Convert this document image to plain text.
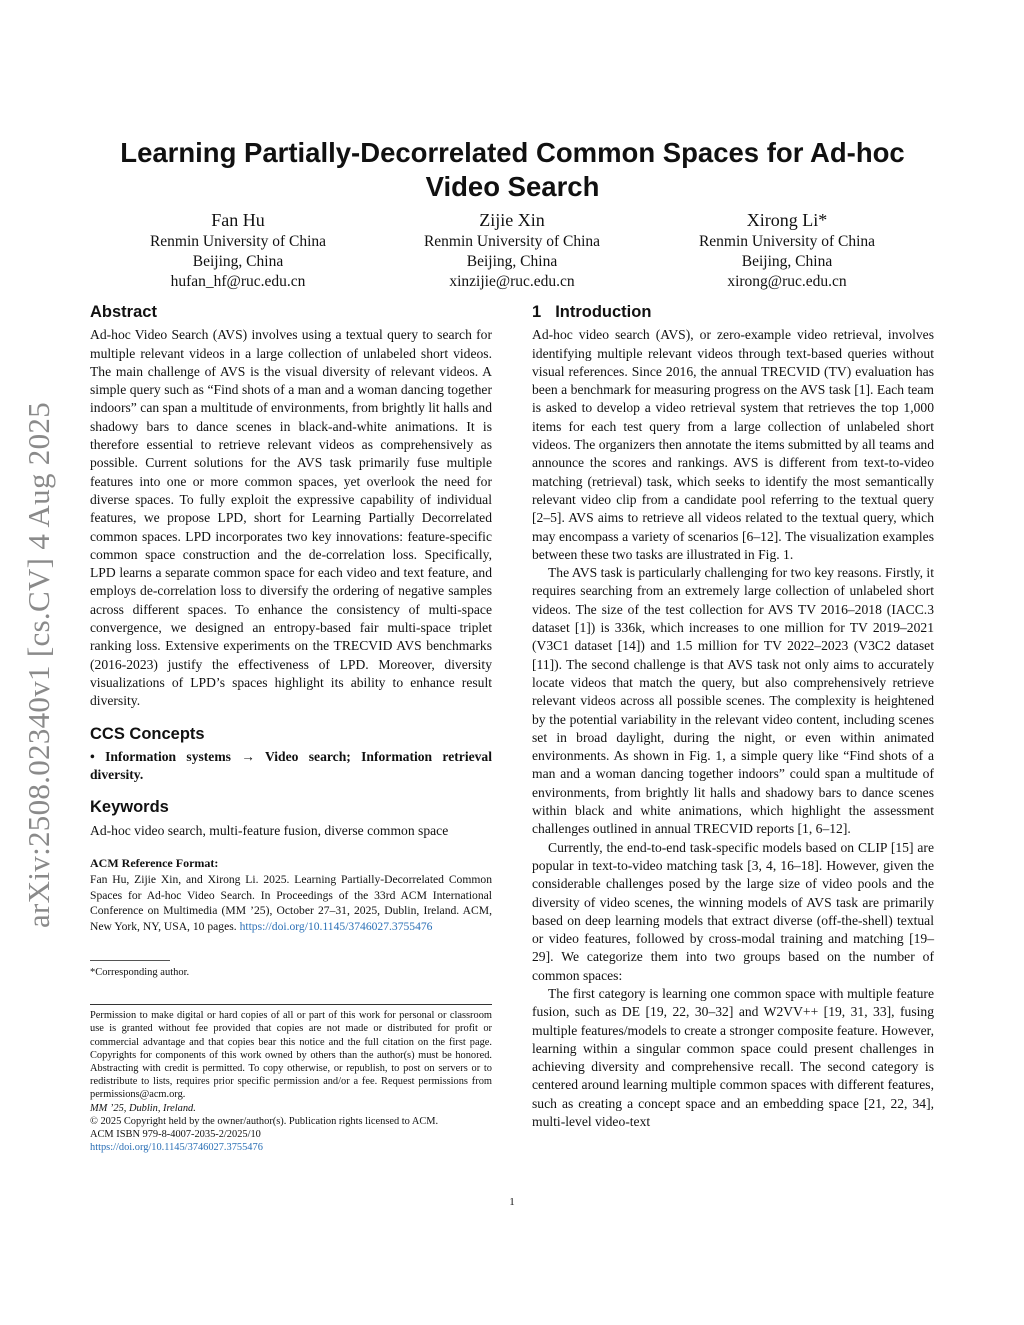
arXiv:2508.02340v1 [cs.CV] 4 Aug 2025
Learning Partially-Decorrelated Common Spaces for Ad-hoc
Video Search
Fan Hu
Renmin University of China
Beijing, China
hufan_hf@ruc.edu.cn
Zijie Xin
Renmin University of China
Beijing, China
xinzijie@ruc.edu.cn
Xirong Li*
Renmin University of China
Beijing, China
xirong@ruc.edu.cn
Abstract

Ad-hoc Video Search (AVS) involves using a textual query to search for multiple relevant videos in a large collection of unlabeled short videos. The main challenge of AVS is the visual diversity of relevant videos. A simple query such as “Find shots of a man and a woman dancing together indoors” can span a multitude of environments, from brightly lit halls and shadowy bars to dance scenes in black-and-white animations. It is therefore essential to retrieve relevant videos as comprehensively as possible. Current solutions for the AVS task primarily fuse multiple features into one or more common spaces, yet overlook the need for diverse spaces. To fully exploit the expressive capability of individual features, we propose LPD, short for Learning Partially Decorrelated common spaces. LPD incorporates two key innovations: feature-specific common space construction and the de-correlation loss. Specifically, LPD learns a separate common space for each video and text feature, and employs de-correlation loss to diversify the ordering of negative samples across different spaces. To enhance the consistency of multi-space convergence, we designed an entropy-based fair multi-space triplet ranking loss. Extensive experiments on the TRECVID AVS benchmarks (2016-2023) justify the effectiveness of LPD. Moreover, diversity visualizations of LPD’s spaces highlight its ability to enhance result diversity.

CCS Concepts

• Information systems → Video search; Information retrieval diversity.

Keywords

Ad-hoc video search, multi-feature fusion, diverse common space

ACM Reference Format:

Fan Hu, Zijie Xin, and Xirong Li. 2025. Learning Partially-Decorrelated Common Spaces for Ad-hoc Video Search. In Proceedings of the 33rd ACM International Conference on Multimedia (MM ’25), October 27–31, 2025, Dublin, Ireland. ACM, New York, NY, USA, 10 pages. https://doi.org/10.1145/3746027.3755476

*Corresponding author.

Permission to make digital or hard copies of all or part of this work for personal or classroom use is granted without fee provided that copies are not made or distributed for profit or commercial advantage and that copies bear this notice and the full citation on the first page. Copyrights for components of this work owned by others than the author(s) must be honored. Abstracting with credit is permitted. To copy otherwise, or republish, to post on servers or to redistribute to lists, requires prior specific permission and/or a fee. Request permissions from permissions@acm.org.

MM ’25, Dublin, Ireland.
© 2025 Copyright held by the owner/author(s). Publication rights licensed to ACM.
ACM ISBN 979-8-4007-2035-2/2025/10
https://doi.org/10.1145/3746027.3755476
1 Introduction

Ad-hoc video search (AVS), or zero-example video retrieval, involves identifying multiple relevant videos through text-based queries without visual references. Since 2016, the annual TRECVID (TV) evaluation has been a benchmark for measuring progress on the AVS task [1]. Each team is asked to develop a video retrieval system that retrieves the top 1,000 items for each test query from a large collection of unlabeled short videos. The organizers then annotate the items submitted by all teams and announce the scores and rankings. AVS is different from text-to-video matching (retrieval) task, which seeks to identify the most semantically relevant video clip from a candidate pool referring to the textual query [2–5]. AVS aims to retrieve all videos related to the textual query, which may encompass a variety of scenarios [6–12]. The visualization examples between these two tasks are illustrated in Fig. 1.

The AVS task is particularly challenging for two key reasons. Firstly, it requires searching from an extremely large collection of unlabeled short videos. The size of the test collection for AVS TV 2016–2018 (IACC.3 dataset [1]) is 336k, which increases to one million for TV 2019–2021 (V3C1 dataset [14]) and 1.5 million for TV 2022–2023 (V3C2 dataset [11]). The second challenge is that AVS task not only aims to accurately locate videos that match the query, but also comprehensively retrieve relevant videos across all possible scenes. The complexity is heightened by the potential variability in the relevant video content, including scenes set in broad daylight, during the night, or even within animated environments. As shown in Fig. 1, a simple query like “Find shots of a man and a woman dancing together indoors” could span a multitude of environments, from brightly lit halls and shadowy bars to dance scenes within black and white animations, which highlight the assessment challenges outlined in annual TRECVID reports [1, 6–12].

Currently, the end-to-end task-specific models based on CLIP [15] are popular in text-to-video matching task [3, 4, 16–18]. However, given the considerable challenges posed by the large size of video pools and the diversity of video scenes, the winning models of AVS task are primarily based on deep learning models that extract diverse (off-the-shell) textual or video features, followed by cross-modal training and matching [19–29]. We categorize them into two groups based on the number of common spaces:

The first category is learning one common space with multiple feature fusion, such as DE [19, 22, 30–32] and W2VV++ [19, 31, 33], fusing multiple features/models to create a stronger composite feature. However, learning within a singular common space could present challenges in achieving diversity and comprehensive recall. The second category is centered around learning multiple common spaces with different features, such as creating a concept space and an embedding space [21, 22, 34], multi-level video-text

1
